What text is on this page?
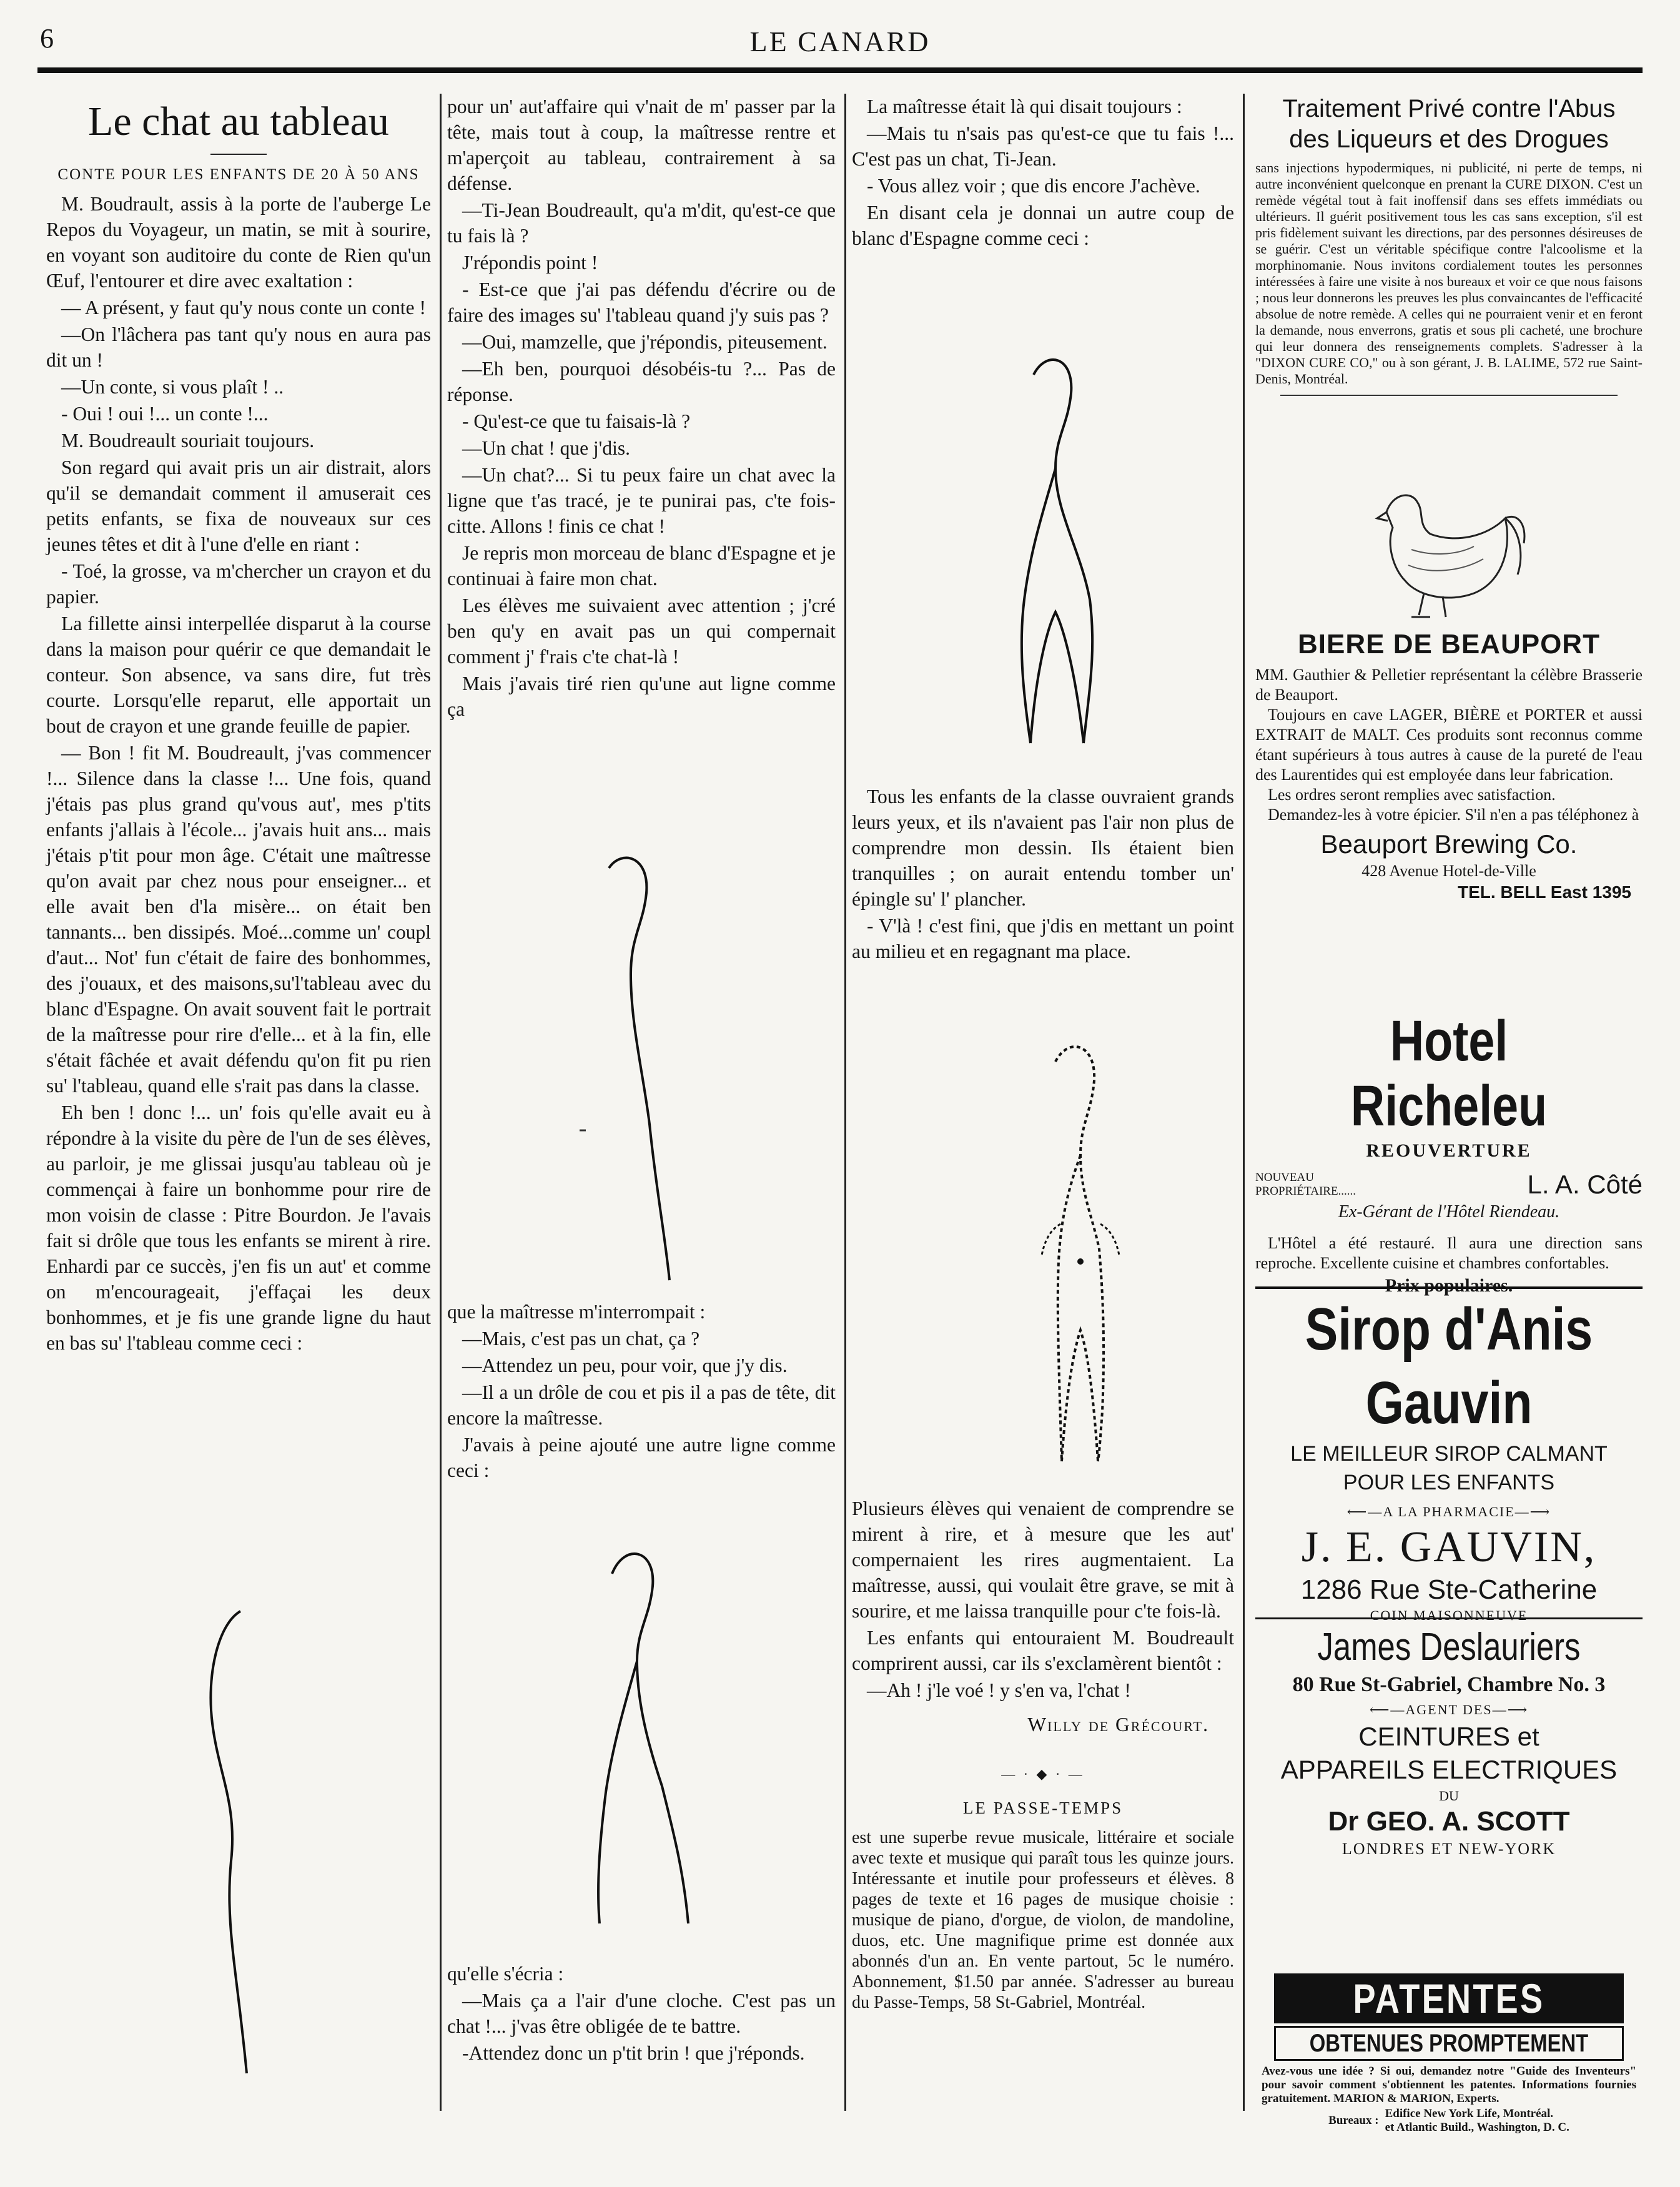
6	LE CANARD

Le chat au tableau

CONTE POUR LES ENFANTS DE 20 À 50 ANS

M. Boudrault, assis à la porte de l'auberge Le Repos du Voyageur, un matin, se mit à sourire, en voyant son auditoire du conte de Rien qu'un Œuf, l'entourer et dire avec exaltation :

— A présent, y faut qu'y nous conte un conte !

—On l'lâchera pas tant qu'y nous en aura pas dit un !

—Un conte, si vous plaît ! ..

- Oui ! oui !... un conte !...

M. Boudreault souriait toujours.

Son regard qui avait pris un air distrait, alors qu'il se demandait comment il amuserait ces petits enfants, se fixa de nouveaux sur ces jeunes têtes et dit à l'une d'elle en riant :

- Toé, la grosse, va m'chercher un crayon et du papier.

La fillette ainsi interpellée disparut à la course dans la maison pour quérir ce que demandait le conteur. Son absence, va sans dire, fut très courte. Lorsqu'elle reparut, elle apportait un bout de crayon et une grande feuille de papier.

— Bon ! fit M. Boudreault, j'vas commencer !... Silence dans la classe !... Une fois, quand j'étais pas plus grand qu'vous aut', mes p'tits enfants j'allais à l'école... j'avais huit ans... mais j'étais p'tit pour mon âge. C'était une maîtresse qu'on avait par chez nous pour enseigner... et elle avait ben d'la misère... on était ben tannants... ben dissipés. Moé...comme un' coupl d'aut... Not' fun c'était de faire des bonhommes, des j'ouaux, et des maisons,su'l'tableau avec du blanc d'Espagne. On avait souvent fait le portrait de la maîtresse pour rire d'elle... et à la fin, elle s'était fâchée et avait défendu qu'on fit pu rien su' l'tableau, quand elle s'rait pas dans la classe.

Eh ben ! donc !... un' fois qu'elle avait eu à répondre à la visite du père de l'un de ses élèves, au parloir, je me glissai jusqu'au tableau où je commençai à faire un bonhomme pour rire de mon voisin de classe : Pitre Bourdon. Je l'avais fait si drôle que tous les enfants se mirent à rire. Enhardi par ce succès, j'en fis un aut' et comme on m'encourageait, j'effaçai les deux bonhommes, et je fis une grande ligne du haut en bas su' l'tableau comme ceci :

pour un' aut'affaire qui v'nait de m' passer par la tête, mais tout à coup, la maîtresse rentre et m'aperçoit au tableau, contrairement à sa défense.

—Ti-Jean Boudreault, qu'a m'dit, qu'est-ce que tu fais là ?

J'répondis point !

- Est-ce que j'ai pas défendu d'écrire ou de faire des images su' l'tableau quand j'y suis pas ?

—Oui, mamzelle, que j'répondis, piteusement.

—Eh ben, pourquoi désobéis-tu ?... Pas de réponse.

- Qu'est-ce que tu faisais-là ?

—Un chat ! que j'dis.

—Un chat?... Si tu peux faire un chat avec la ligne que t'as tracé, je te punirai pas, c'te fois-citte. Allons ! finis ce chat !

Je repris mon morceau de blanc d'Espagne et je continuai à faire mon chat.

Les élèves me suivaient avec attention ; j'cré ben qu'y en avait pas un qui compernait comment j' f'rais c'te chat-là !

Mais j'avais tiré rien qu'une aut ligne comme ça

que la maîtresse m'interrompait :

—Mais, c'est pas un chat, ça ?

—Attendez un peu, pour voir, que j'y dis.

—Il a un drôle de cou et pis il a pas de tête, dit encore la maîtresse.

J'avais à peine ajouté une autre ligne comme ceci :

qu'elle s'écria :

—Mais ça a l'air d'une cloche. C'est pas un chat !... j'vas être obligée de te battre.

-Attendez donc un p'tit brin ! que j'réponds.

La maîtresse était là qui disait toujours :

—Mais tu n'sais pas qu'est-ce que tu fais !... C'est pas un chat, Ti-Jean.

- Vous allez voir ; que dis encore J'achève.

En disant cela je donnai un autre coup de blanc d'Espagne comme ceci :

Tous les enfants de la classe ouvraient grands leurs yeux, et ils n'avaient pas l'air non plus de comprendre mon dessin. Ils étaient bien tranquilles ; on aurait entendu tomber un' épingle su' l' plancher.

- V'là ! c'est fini, que j'dis en mettant un point au milieu et en regagnant ma place.

Plusieurs élèves qui venaient de comprendre se mirent à rire, et à mesure que les aut' compernaient les rires augmentaient. La maîtresse, aussi, qui voulait être grave, se mit à sourire, et me laissa tranquille pour c'te fois-là.

Les enfants qui entouraient M. Boudreault comprirent aussi, car ils s'exclamèrent bientôt :

—Ah ! j'le voé ! y s'en va, l'chat !

Willy de Grécourt.

— · ◆ · —

LE PASSE-TEMPS

est une superbe revue musicale, littéraire et sociale avec texte et musique qui paraît tous les quinze jours. Intéressante et inutile pour professeurs et élèves. 8 pages de texte et 16 pages de musique choisie : musique de piano, d'orgue, de violon, de mandoline, duos, etc. Une magnifique prime est donnée aux abonnés d'un an. En vente partout, 5c le numéro. Abonnement, $1.50 par année. S'adresser au bureau du Passe-Temps, 58 St-Gabriel, Montréal.

Traitement Privé contre l'Abus
des Liqueurs et des Drogues
sans injections hypodermiques, ni publicité, ni perte de temps, ni autre inconvénient quelconque en prenant la CURE DIXON. C'est un remède végétal tout à fait inoffensif dans ses effets immédiats ou ultérieurs. Il guérit positivement tous les cas sans exception, s'il est pris fidèlement suivant les directions, par des personnes désireuses de se guérir. C'est un véritable spécifique contre l'alcoolisme et la morphinomanie. Nous invitons cordialement toutes les personnes intéressées à faire une visite à nos bureaux et voir ce que nous faisons ; nous leur donnerons les preuves les plus convaincantes de l'efficacité absolue de notre remède. A celles qui ne pourraient venir et en feront la demande, nous enverrons, gratis et sous pli cacheté, une brochure qui leur donnera des renseignements complets. S'adresser à la "DIXON CURE CO," ou à son gérant, J. B. LALIME, 572 rue Saint-Denis, Montréal.
BIERE DE BEAUPORT
MM. Gauthier & Pelletier représentant la célèbre Brasserie de Beauport.
Toujours en cave LAGER, BIÈRE et PORTER et aussi EXTRAIT de MALT. Ces produits sont reconnus comme étant supérieurs à tous autres à cause de la pureté de l'eau des Laurentides qui est employée dans leur fabrication.
Les ordres seront remplies avec satisfaction.
Demandez-les à votre épicier. S'il n'en a pas téléphonez à
Beauport Brewing Co.
428 Avenue Hotel-de-Ville
TEL. BELL East 1395
Hotel Richeleu
REOUVERTURE
NOUVEAU PROPRIÉTAIRE......	L. A. Côté
Ex-Gérant de l'Hôtel Riendeau.
L'Hôtel a été restauré. Il aura une direction sans reproche. Excellente cuisine et chambres confortables.
Prix populaires.
Sirop d'Anis Gauvin
LE MEILLEUR SIROP CALMANT
POUR LES ENFANTS
⟵—A LA PHARMACIE—⟶
J. E. GAUVIN,
1286 Rue Ste-Catherine
COIN MAISONNEUVE
James Deslauriers
80 Rue St-Gabriel, Chambre No. 3
⟵—AGENT DES—⟶
CEINTURES et
APPAREILS ELECTRIQUES
DU
Dr GEO. A. SCOTT
LONDRES ET NEW-YORK
PATENTES
OBTENUES PROMPTEMENT
Avez-vous une idée ? Si oui, demandez notre "Guide des Inventeurs" pour savoir comment s'obtiennent les patentes. Informations fournies gratuitement. MARION & MARION, Experts.
Bureaux :
Edifice New York Life, Montréal.
et Atlantic Build., Washington, D. C.
